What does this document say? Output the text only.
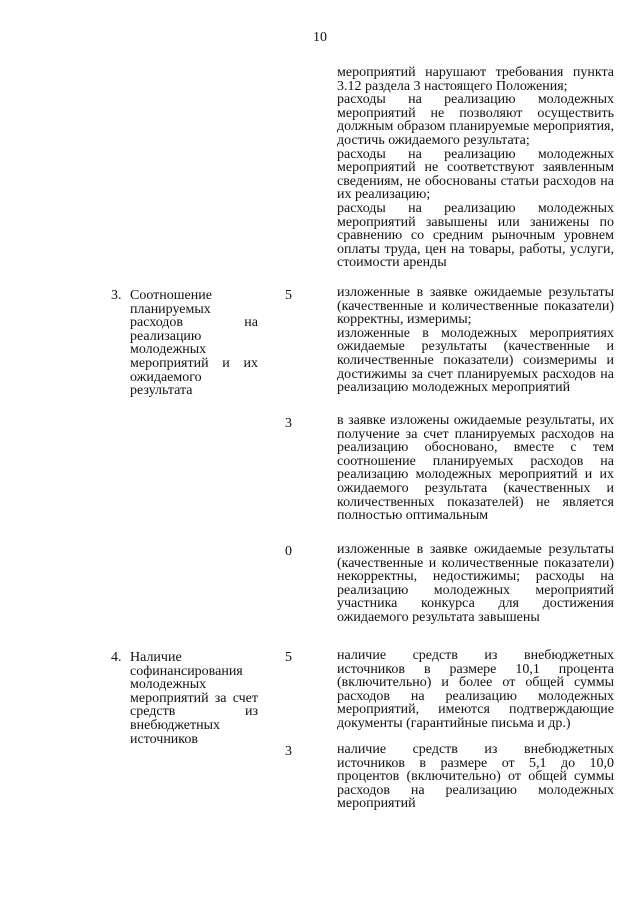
10

мероприятий нарушают требования пункта 3.12 раздела 3 настоящего Положения;

расходы на реализацию молодежных мероприятий не позволяют осуществить должным образом планируемые мероприятия, достичь ожидаемого результата;

расходы на реализацию молодежных мероприятий не соответствуют заявленным сведениям, не обоснованы статьи расходов на их реализацию;

расходы на реализацию молодежных мероприятий завышены или занижены по сравнению со средним рыночным уровнем оплаты труда, цен на товары, работы, услуги, стоимости аренды

3. Соотношение планируемых расходов на реализацию молодежных мероприятий и их ожидаемого результата
5	изложенные в заявке ожидаемые результаты (качественные и количественные показатели) корректны, измеримы;

изложенные в молодежных мероприятиях ожидаемые результаты (качественные и количественные показатели) соизмеримы и достижимы за счет планируемых расходов на реализацию молодежных мероприятий

3	в заявке изложены ожидаемые результаты, их получение за счет планируемых расходов на реализацию обосновано, вместе с тем соотношение планируемых расходов на реализацию молодежных мероприятий и их ожидаемого результата (качественных и количественных показателей) не является полностью оптимальным

0	изложенные в заявке ожидаемые результаты (качественные и количественные показатели) некорректны, недостижимы; расходы на реализацию молодежных мероприятий участника конкурса для достижения ожидаемого результата завышены

4. Наличие софинансирования молодежных мероприятий за счет средств из внебюджетных источников
5	наличие средств из внебюджетных источников в размере 10,1 процента (включительно) и более от общей суммы расходов на реализацию молодежных мероприятий, имеются подтверждающие документы (гарантийные письма и др.)

3	наличие средств из внебюджетных источников в размере от 5,1 до 10,0 процентов (включительно) от общей суммы расходов на реализацию молодежных мероприятий
